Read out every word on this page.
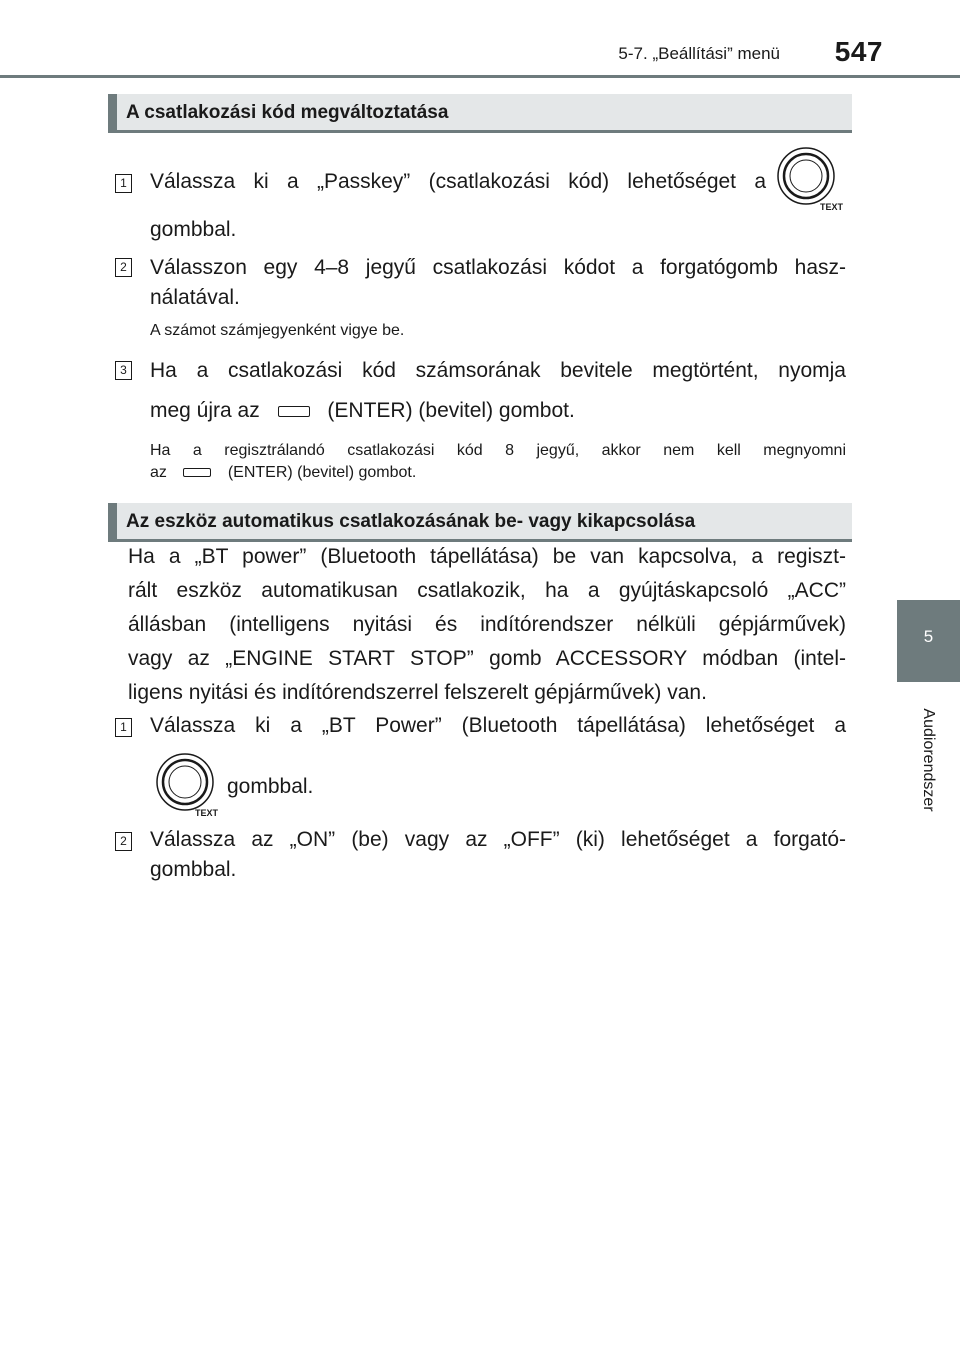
5-7. „Beállítási” menü 547
5
Audiorendszer
A csatlakozási kód megváltoztatása
1 Válassza ki a „Passkey” (csatlakozási kód) lehetőséget a
TEXT
gombbal.
2 Válasszon egy 4–8 jegyű csatlakozási kódot a forgatógomb hasz-
nálatával.
A számot számjegyenként vigye be.
3 Ha a csatlakozási kód számsorának bevitele megtörtént, nyomja
meg újra az	(ENTER) (bevitel) gombot.
Ha a regisztrálandó csatlakozási kód 8 jegyű, akkor nem kell megnyomni
az	(ENTER) (bevitel) gombot.
Az eszköz automatikus csatlakozásának be- vagy kikapcsolása
Ha a „BT power” (Bluetooth tápellátása) be van kapcsolva, a regiszt-
rált eszköz automatikusan csatlakozik, ha a gyújtáskapcsoló „ACC”
állásban (intelligens nyitási és indítórendszer nélküli gépjárművek)
vagy az „ENGINE START STOP” gomb ACCESSORY módban (intel-
ligens nyitási és indítórendszerrel felszerelt gépjárművek) van.
1 Válassza ki a „BT Power” (Bluetooth tápellátása) lehetőséget a
TEXT
gombbal.
2 Válassza az „ON” (be) vagy az „OFF” (ki) lehetőséget a forgató-
gombbal.
